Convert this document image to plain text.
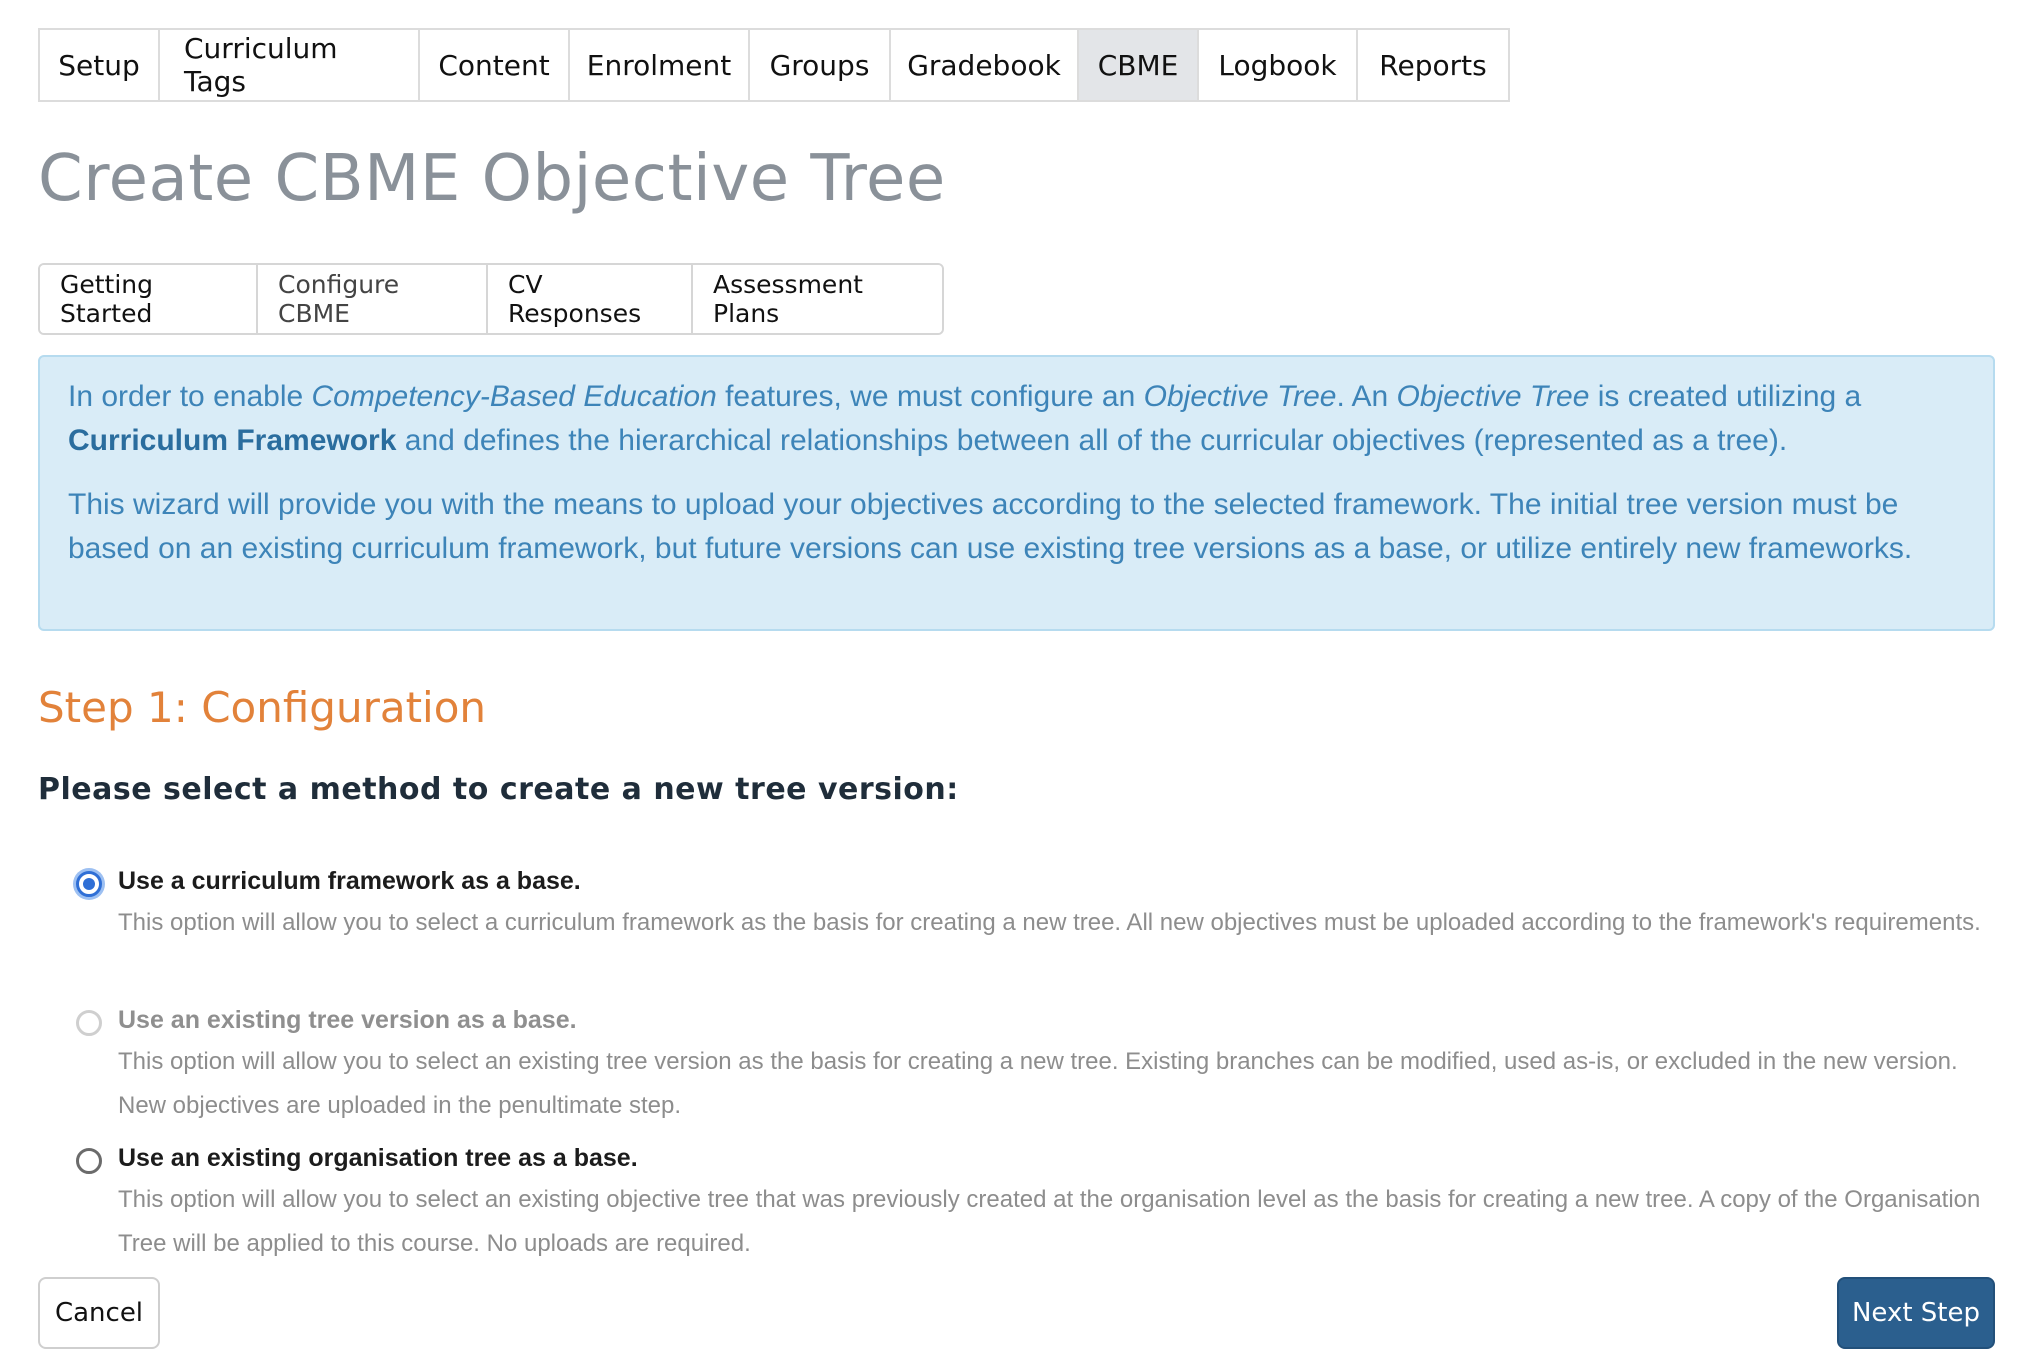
Setup	Curriculum Tags	Content	Enrolment	Groups	Gradebook	CBME	Logbook	Reports
Create CBME Objective Tree
Getting Started
Configure CBME
CV Responses
Assessment Plans

In order to enable Competency-Based Education features, we must configure an Objective Tree. An Objective Tree is created utilizing a Curriculum Framework and defines the hierarchical relationships between all of the curricular objectives (represented as a tree).

This wizard will provide you with the means to upload your objectives according to the selected framework. The initial tree version must be based on an existing curriculum framework, but future versions can use existing tree versions as a base, or utilize entirely new frameworks.

Step 1: Configuration
Please select a method to create a new tree version:
Use a curriculum framework as a base.
This option will allow you to select a curriculum framework as the basis for creating a new tree. All new objectives must be uploaded according to the framework's requirements.
Use an existing tree version as a base.
This option will allow you to select an existing tree version as the basis for creating a new tree. Existing branches can be modified, used as-is, or excluded in the new version. New objectives are uploaded in the penultimate step.
Use an existing organisation tree as a base.
This option will allow you to select an existing objective tree that was previously created at the organisation level as the basis for creating a new tree. A copy of the Organisation Tree will be applied to this course. No uploads are required.
Cancel	Next Step
